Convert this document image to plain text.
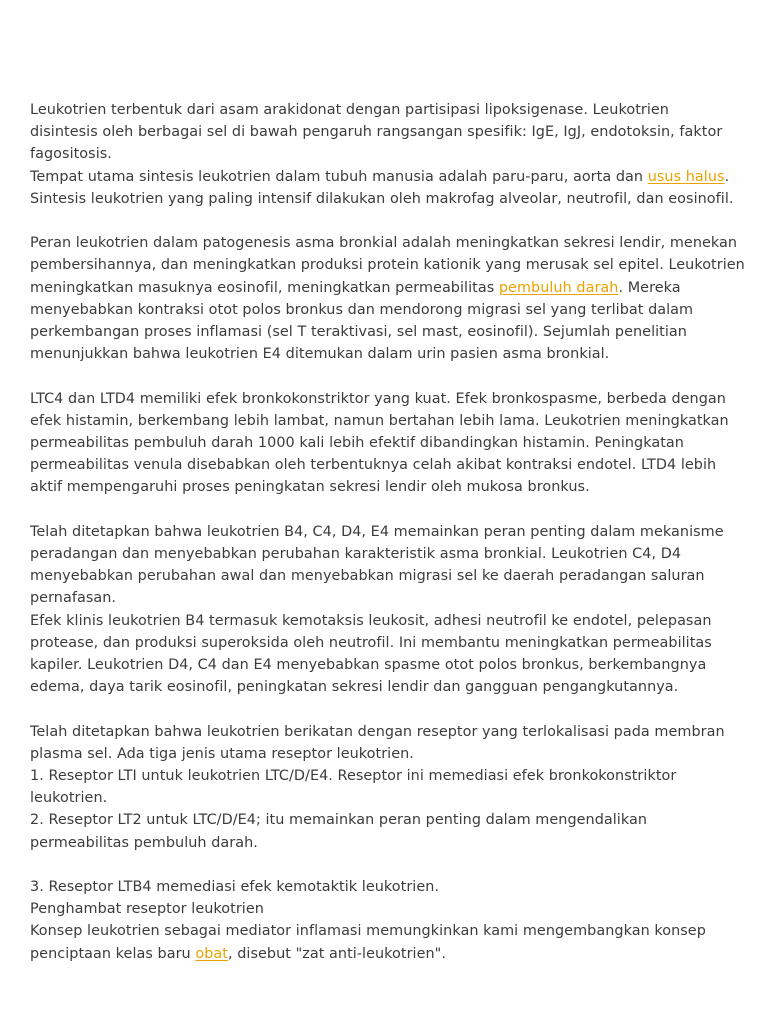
Leukotrien terbentuk dari asam arakidonat dengan partisipasi lipoksigenase. Leukotrien
disintesis oleh berbagai sel di bawah pengaruh rangsangan spesifik: IgE, IgJ, endotoksin, faktor
fagositosis.
Tempat utama sintesis leukotrien dalam tubuh manusia adalah paru-paru, aorta dan usus halus.
Sintesis leukotrien yang paling intensif dilakukan oleh makrofag alveolar, neutrofil, dan eosinofil.
Peran leukotrien dalam patogenesis asma bronkial adalah meningkatkan sekresi lendir, menekan
pembersihannya, dan meningkatkan produksi protein kationik yang merusak sel epitel. Leukotrien
meningkatkan masuknya eosinofil, meningkatkan permeabilitas pembuluh darah. Mereka
menyebabkan kontraksi otot polos bronkus dan mendorong migrasi sel yang terlibat dalam
perkembangan proses inflamasi (sel T teraktivasi, sel mast, eosinofil). Sejumlah penelitian
menunjukkan bahwa leukotrien E4 ditemukan dalam urin pasien asma bronkial.
LTC4 dan LTD4 memiliki efek bronkokonstriktor yang kuat. Efek bronkospasme, berbeda dengan
efek histamin, berkembang lebih lambat, namun bertahan lebih lama. Leukotrien meningkatkan
permeabilitas pembuluh darah 1000 kali lebih efektif dibandingkan histamin. Peningkatan
permeabilitas venula disebabkan oleh terbentuknya celah akibat kontraksi endotel. LTD4 lebih
aktif mempengaruhi proses peningkatan sekresi lendir oleh mukosa bronkus.
Telah ditetapkan bahwa leukotrien B4, C4, D4, E4 memainkan peran penting dalam mekanisme
peradangan dan menyebabkan perubahan karakteristik asma bronkial. Leukotrien C4, D4
menyebabkan perubahan awal dan menyebabkan migrasi sel ke daerah peradangan saluran
pernafasan.
Efek klinis leukotrien B4 termasuk kemotaksis leukosit, adhesi neutrofil ke endotel, pelepasan
protease, dan produksi superoksida oleh neutrofil. Ini membantu meningkatkan permeabilitas
kapiler. Leukotrien D4, C4 dan E4 menyebabkan spasme otot polos bronkus, berkembangnya
edema, daya tarik eosinofil, peningkatan sekresi lendir dan gangguan pengangkutannya.
Telah ditetapkan bahwa leukotrien berikatan dengan reseptor yang terlokalisasi pada membran
plasma sel. Ada tiga jenis utama reseptor leukotrien.
1. Reseptor LTI untuk leukotrien LTC/D/E4. Reseptor ini memediasi efek bronkokonstriktor
leukotrien.
2. Reseptor LT2 untuk LTC/D/E4; itu memainkan peran penting dalam mengendalikan
permeabilitas pembuluh darah.
3. Reseptor LTB4 memediasi efek kemotaktik leukotrien.
Penghambat reseptor leukotrien
Konsep leukotrien sebagai mediator inflamasi memungkinkan kami mengembangkan konsep
penciptaan kelas baru obat, disebut "zat anti-leukotrien".
